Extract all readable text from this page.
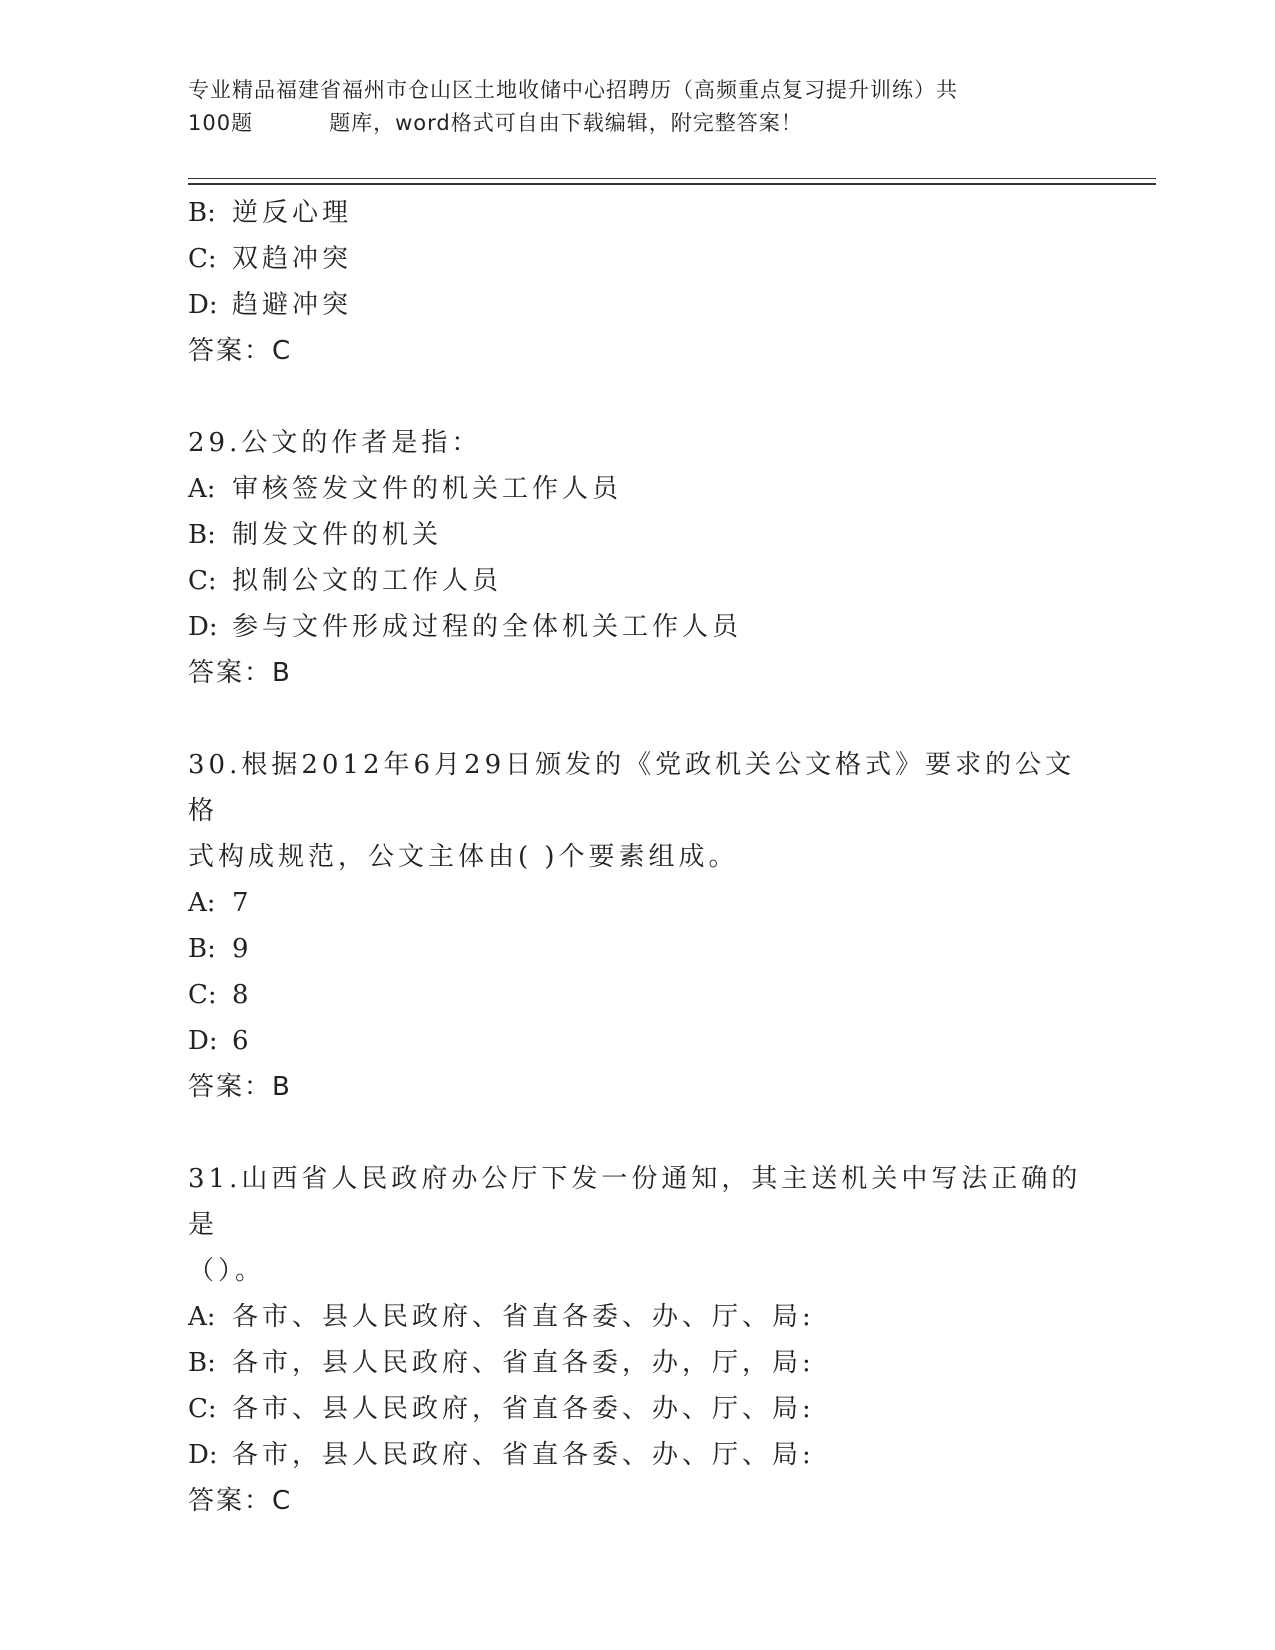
专业精品福建省福州市仓山区土地收储中心招聘历（高频重点复习提升训练）共
100题	题库，word格式可自由下载编辑，附完整答案！
B: 逆反心理
C: 双趋冲突
D: 趋避冲突
答案：C
29.公文的作者是指：
A: 审核签发文件的机关工作人员
B: 制发文件的机关
C: 拟制公文的工作人员
D: 参与文件形成过程的全体机关工作人员
答案：B
30.根据2012年6月29日颁发的《党政机关公文格式》要求的公文格
式构成规范，公文主体由( )个要素组成。
A: 7
B: 9
C: 8
D: 6
答案：B
31.山西省人民政府办公厅下发一份通知，其主送机关中写法正确的是
（）。
A: 各市、县人民政府、省直各委、办、厅、局:
B: 各市，县人民政府、省直各委，办，厅，局:
C: 各市、县人民政府，省直各委、办、厅、局:
D: 各市，县人民政府、省直各委、办、厅、局:
答案：C
